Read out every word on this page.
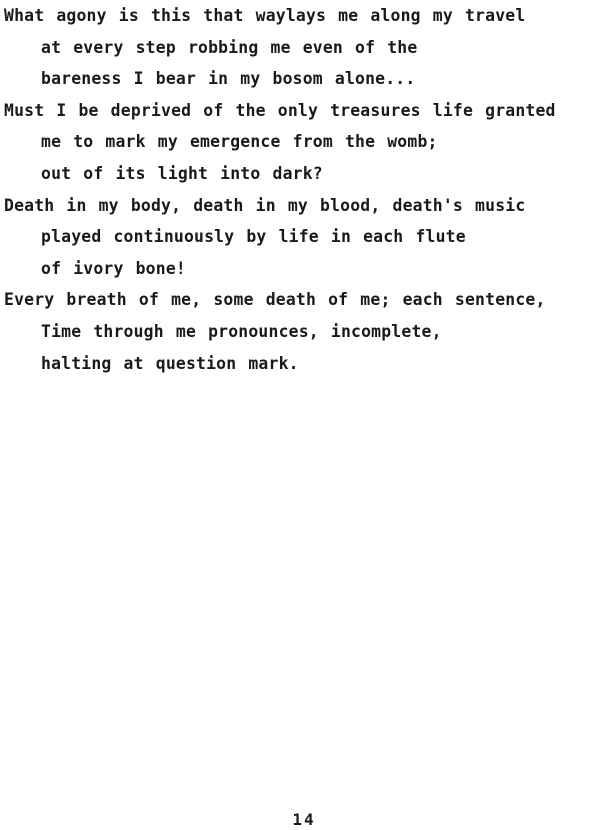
What agony is this that waylays me along my travel
at every step robbing me even of the
bareness I bear in my bosom alone...
Must I be deprived of the only treasures life granted
me to mark my emergence from the womb;
out of its light into dark?
Death in my body, death in my blood, death's music
played continuously by life in each flute
of ivory bone!
Every breath of me, some death of me; each sentence,
Time through me pronounces, incomplete,
halting at question mark.
14
